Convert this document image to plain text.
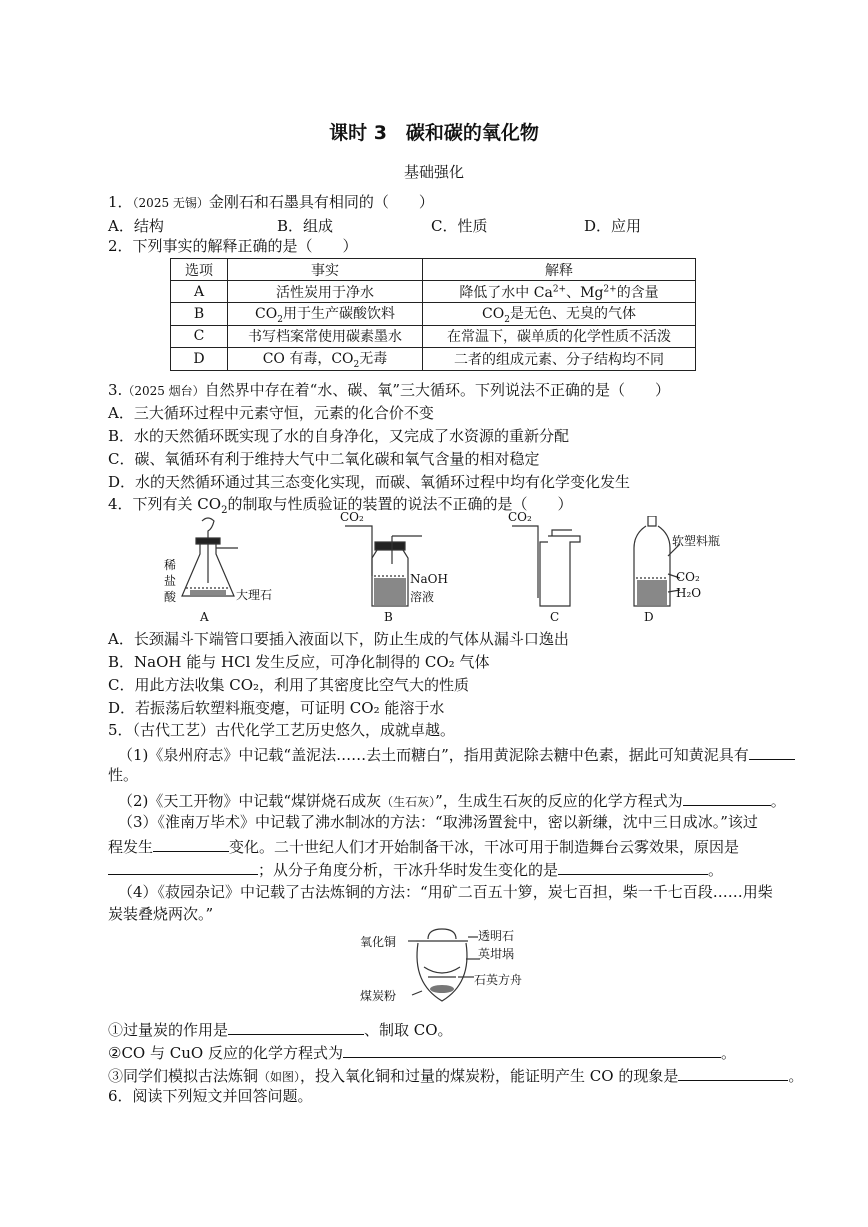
课时 3　碳和碳的氧化物
基础强化
1．（2025 无锡）金刚石和石墨具有相同的（　　）
A．结构	B．组成	C．性质	D．应用
2．下列事实的解释正确的是（　　）
选项	事实	解释
A	活性炭用于净水	降低了水中 $Ca^{2+}$、$Mg^{2+}$的含量
B	$CO_2$用于生产碳酸饮料	$CO_2$是无色、无臭的气体
C	书写档案常使用碳素墨水	在常温下，碳单质的化学性质不活泼
D	CO 有毒，$CO_2$无毒	二者的组成元素、分子结构均不同
3.（2025 烟台）自然界中存在着“水、碳、氧”三大循环。下列说法不正确的是（　　）
A．三大循环过程中元素守恒，元素的化合价不变
B．水的天然循环既实现了水的自身净化，又完成了水资源的重新分配
C．碳、氧循环有利于维持大气中二氧化碳和氧气含量的相对稳定
D．水的天然循环通过其三态变化实现，而碳、氧循环过程中均有化学变化发生
4．下列有关 $CO_2$的制取与性质验证的装置的说法不正确的是（　　）
CO₂	CO₂
稀
盐
酸	大理石
NaOH
溶液
软塑料瓶
CO₂
H₂O
A	B	C	D
A．长颈漏斗下端管口要插入液面以下，防止生成的气体从漏斗口逸出
B．NaOH 能与 HCl 发生反应，可净化制得的 CO₂ 气体
C．用此方法收集 CO₂，利用了其密度比空气大的性质
D．若振荡后软塑料瓶变瘪，可证明 CO₂ 能溶于水
5．（古代工艺）古代化学工艺历史悠久，成就卓越。
（1)《泉州府志》中记载“盖泥法……去土而糖白”，指用黄泥除去糖中色素，据此可知黄泥具有
性。
（2)《天工开物》中记载“煤饼烧石成灰（生石灰）”，生成生石灰的反应的化学方程式为	。
（3）《淮南万毕术》中记载了沸水制冰的方法：“取沸汤置瓮中，密以新缣，沈中三日成冰。”该过
程发生	变化。二十世纪人们才开始制备干冰，干冰可用于制造舞台云雾效果，原因是
；从分子角度分析，干冰升华时发生变化的是	。
（4）《菽园杂记》中记载了古法炼铜的方法：“用矿二百五十箩，炭七百担，柴一千七百段……用柴
炭装叠烧两次。”
氧化铜
煤炭粉
透明石
英坩埚
石英方舟
①过量炭的作用是	、制取 CO。
②CO 与 CuO 反应的化学方程式为	。
③同学们模拟古法炼铜（如图），投入氧化铜和过量的煤炭粉，能证明产生 CO 的现象是	。
6．阅读下列短文并回答问题。
